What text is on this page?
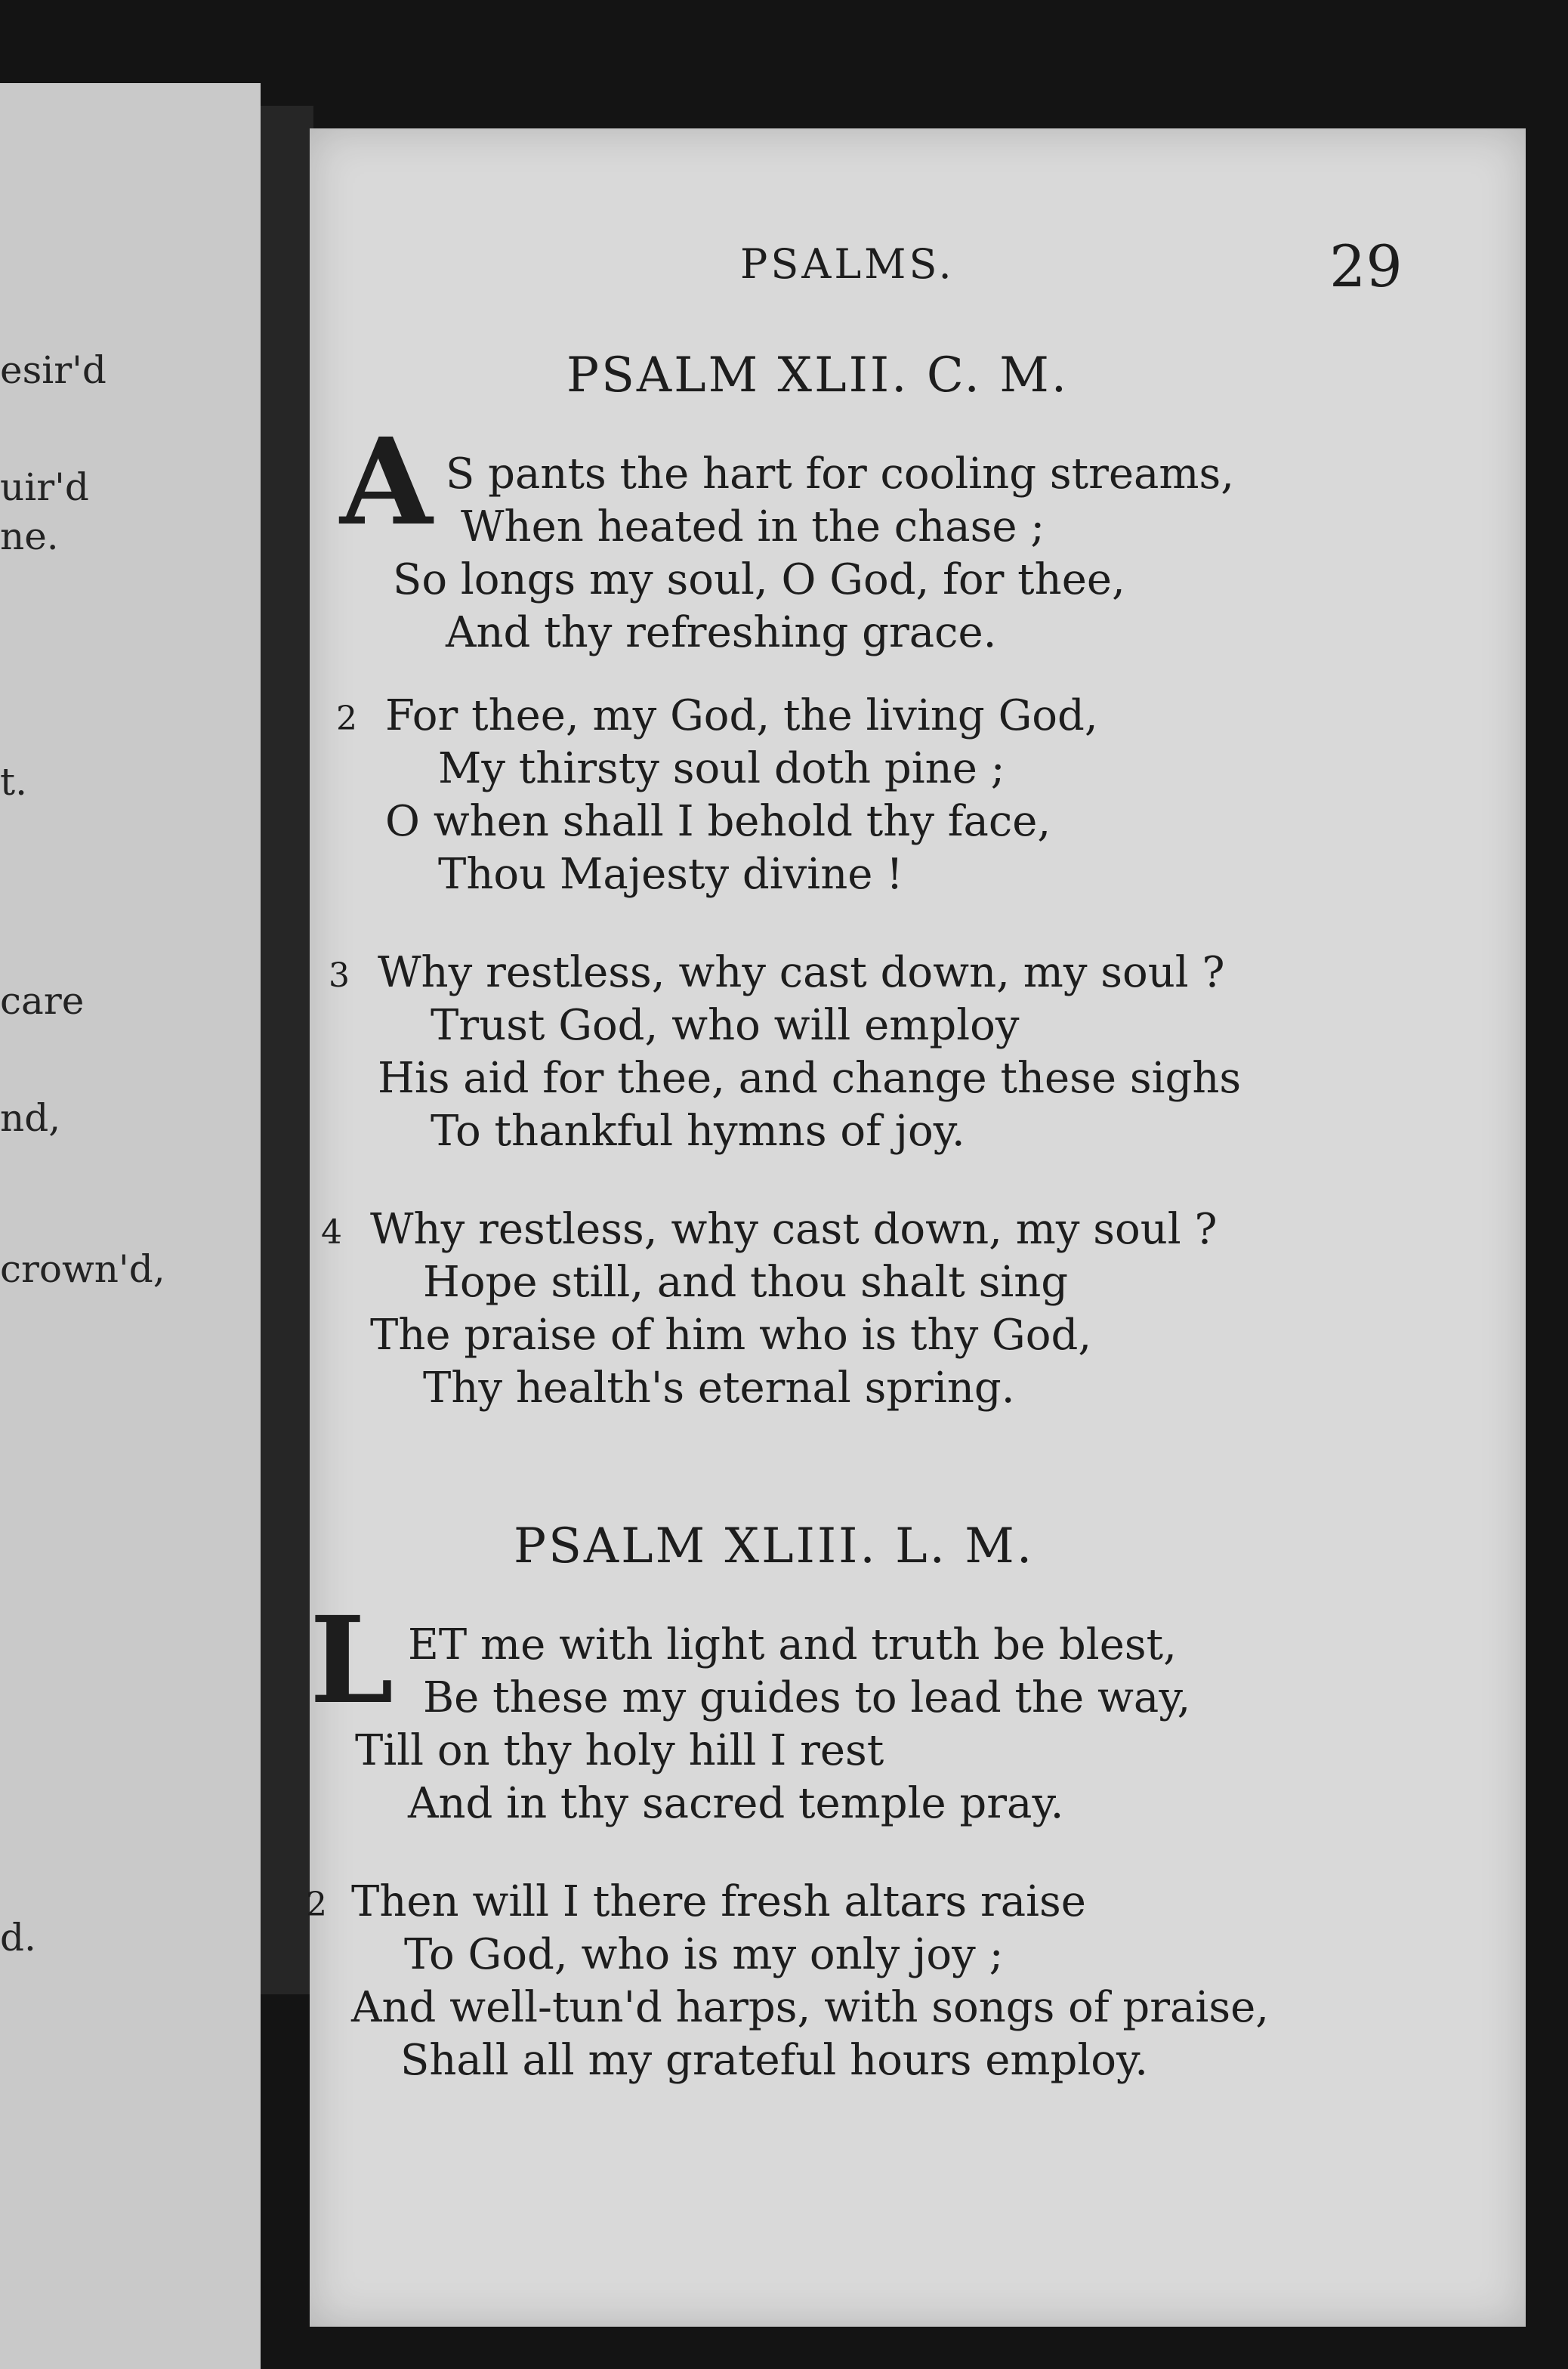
esir'd
uir'd
ne.
t.
care
nd,
crown'd,
d.
PSALMS.	29
PSALM XLII. C. M.
A S pants the hart for cooling streams,
When heated in the chase ;
So longs my soul, O God, for thee,
And thy refreshing grace.
2 For thee, my God, the living God,
My thirsty soul doth pine ;
O when shall I behold thy face,
Thou Majesty divine !
3 Why restless, why cast down, my soul ?
Trust God, who will employ
His aid for thee, and change these sighs
To thankful hymns of joy.
4 Why restless, why cast down, my soul ?
Hope still, and thou shalt sing
The praise of him who is thy God,
Thy health's eternal spring.
PSALM XLIII. L. M.
L ET me with light and truth be blest,
Be these my guides to lead the way,
Till on thy holy hill I rest
And in thy sacred temple pray.
2 Then will I there fresh altars raise
To God, who is my only joy ;
And well-tun'd harps, with songs of praise,
Shall all my grateful hours employ.
